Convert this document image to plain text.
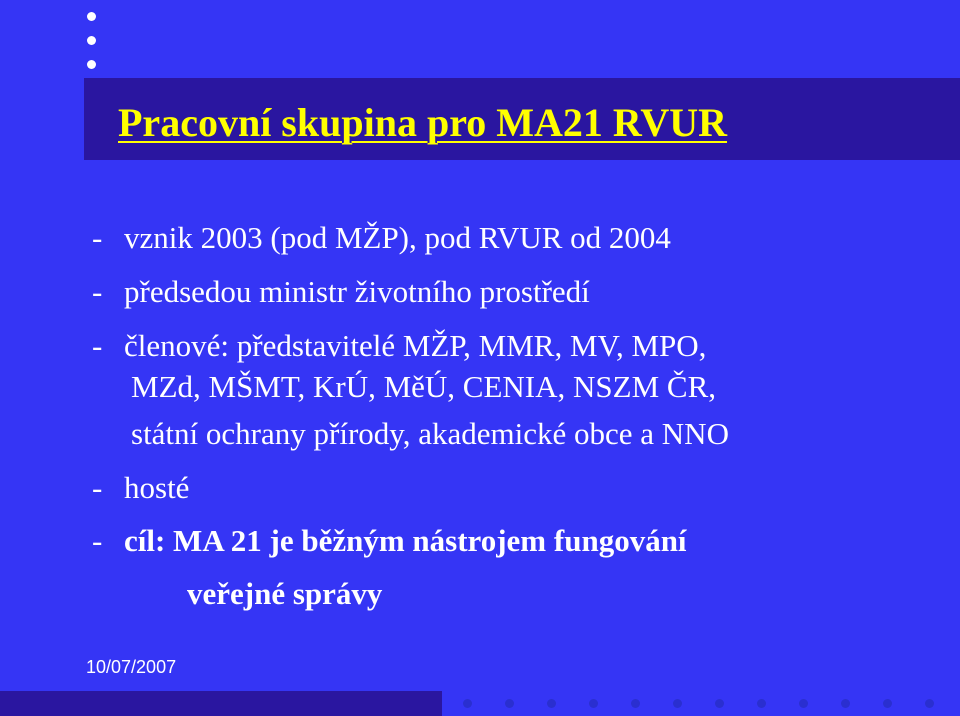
Pracovní skupina pro MA21 RVUR
- vznik 2003 (pod MŽP), pod RVUR od 2004
- předsedou ministr životního prostředí
- členové: představitelé MŽP, MMR, MV, MPO,
MZd, MŠMT, KrÚ, MěÚ, CENIA, NSZM ČR,
státní ochrany přírody, akademické obce a NNO
- hosté
- cíl: MA 21 je běžným nástrojem fungování
veřejné správy
10/07/2007
